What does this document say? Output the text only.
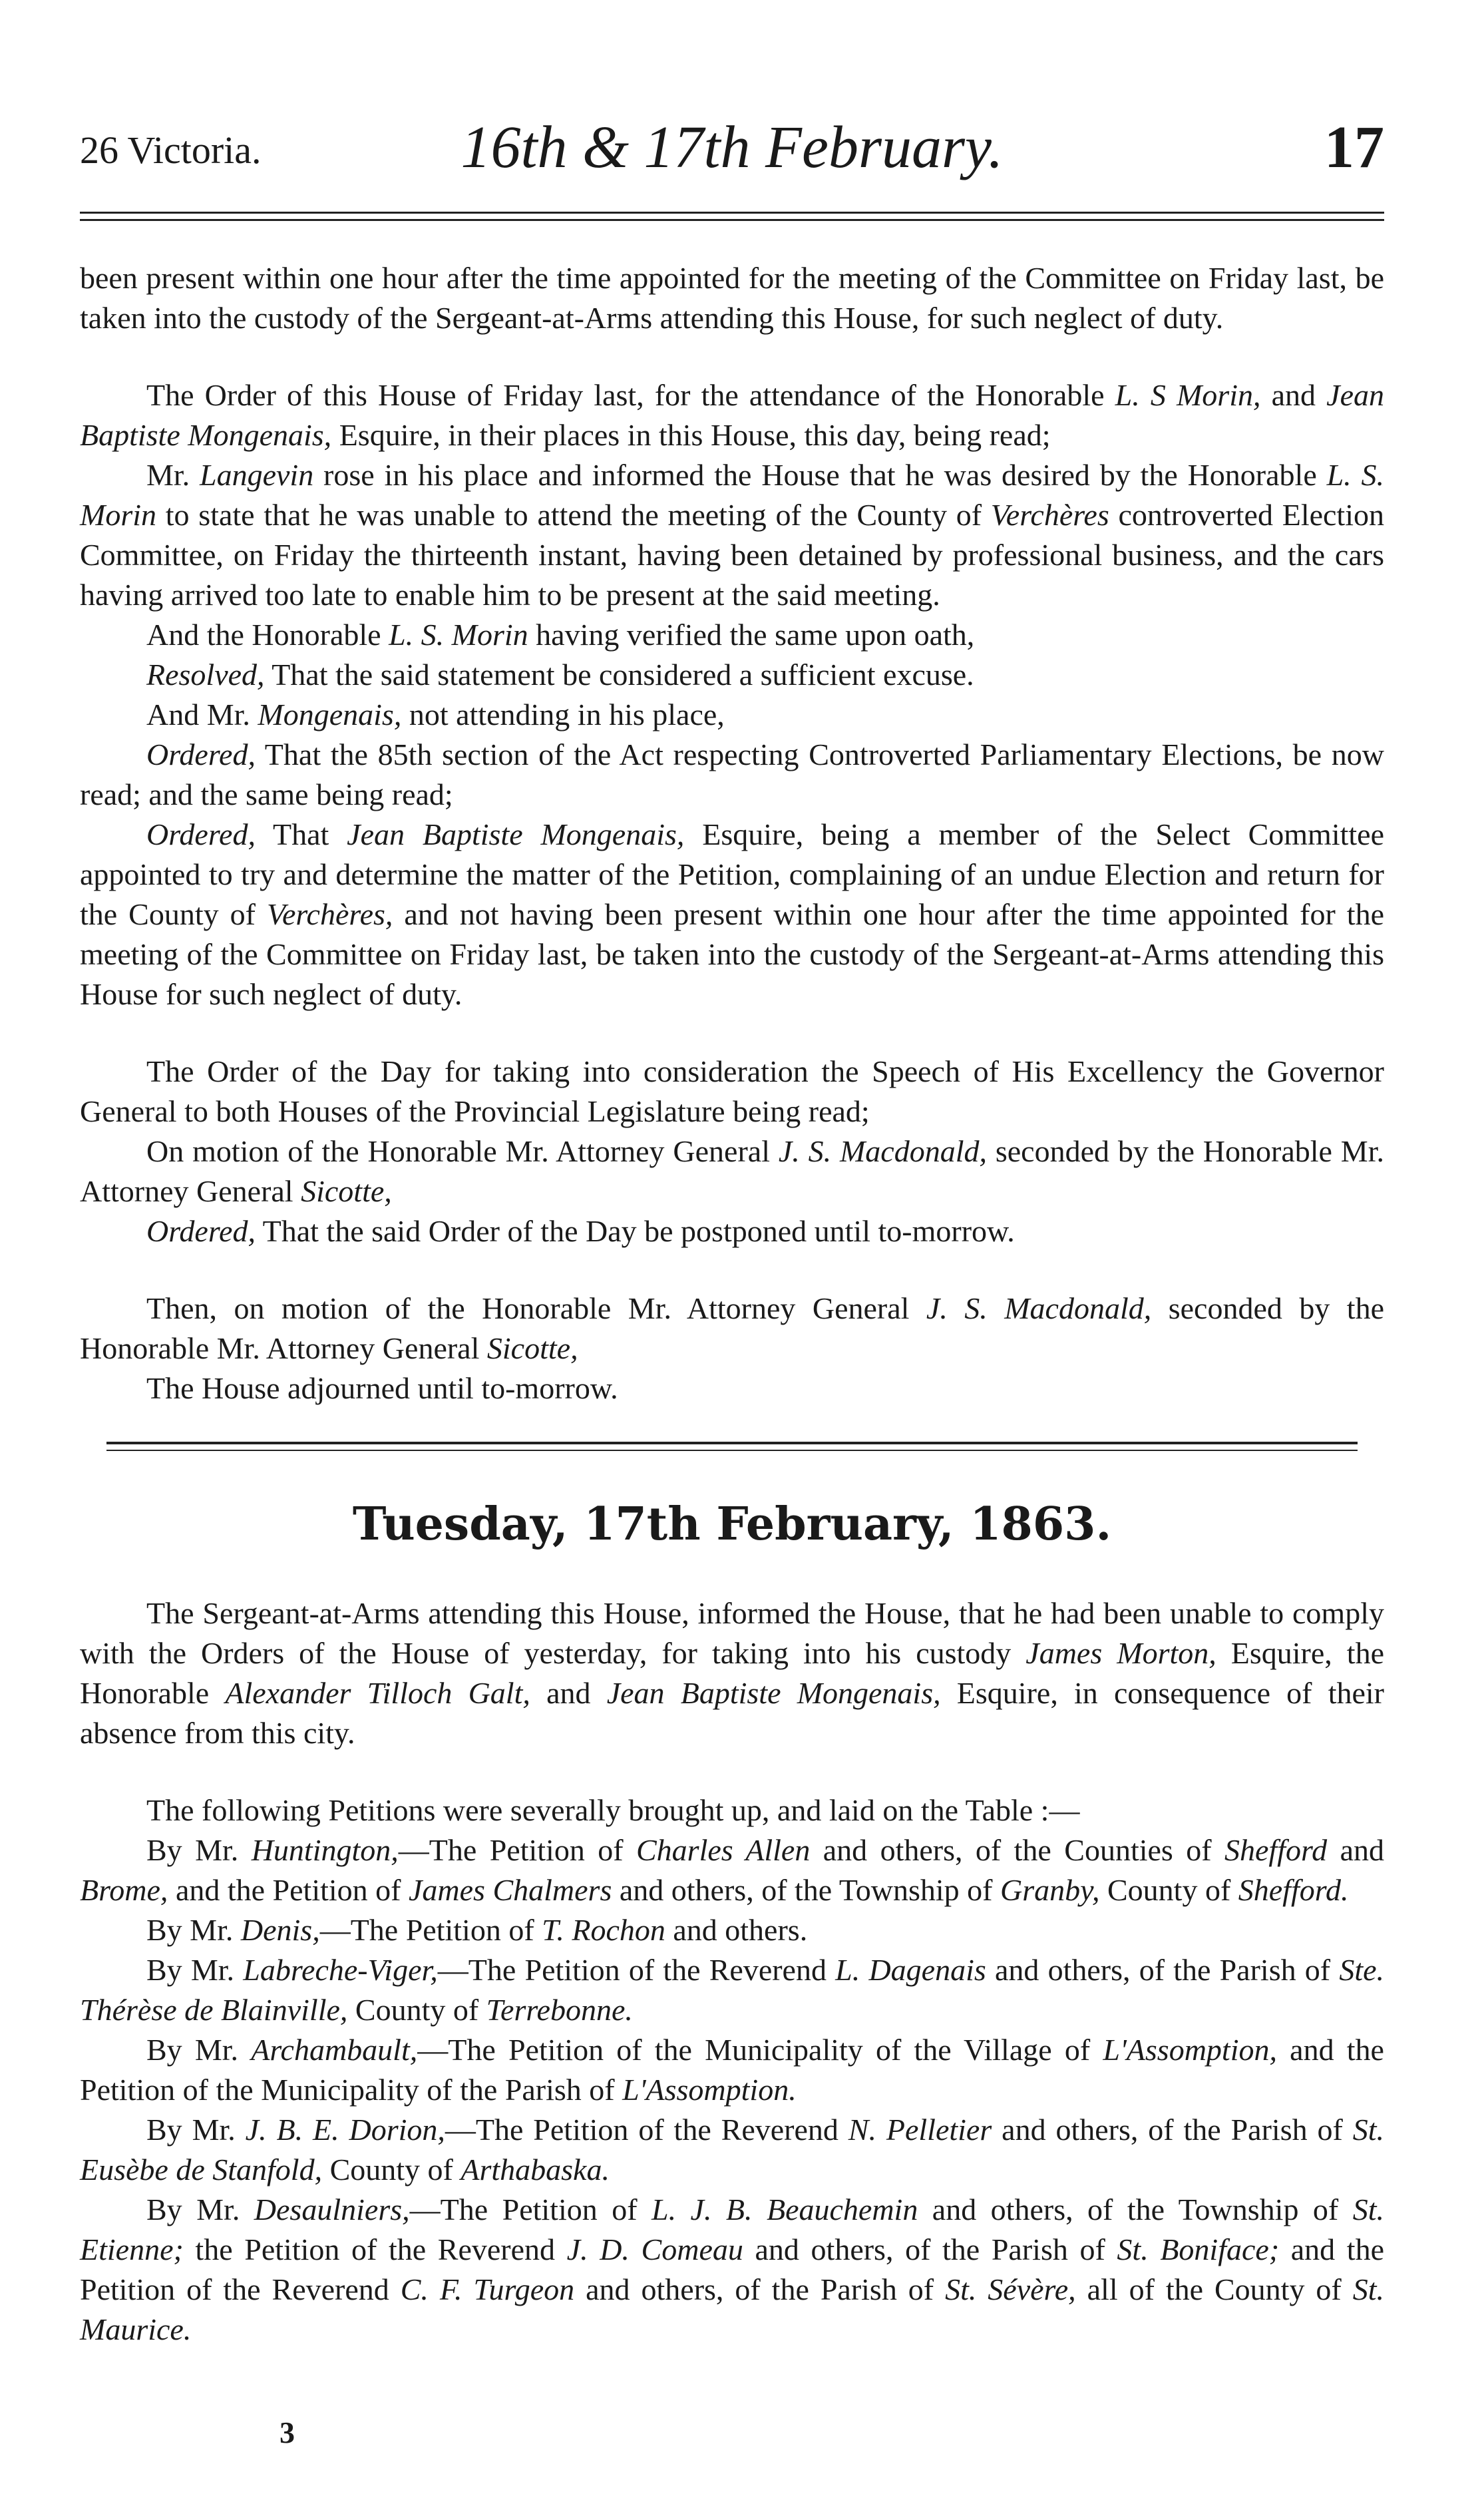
26 Victoria.	16th & 17th February.	17

been present within one hour after the time appointed for the meeting of the Committee on Friday last, be taken into the custody of the Sergeant-at-Arms attending this House, for such neglect of duty.

The Order of this House of Friday last, for the attendance of the Honorable L. S Morin, and Jean Baptiste Mongenais, Esquire, in their places in this House, this day, being read;

Mr. Langevin rose in his place and informed the House that he was desired by the Honorable L. S. Morin to state that he was unable to attend the meeting of the County of Verchères controverted Election Committee, on Friday the thirteenth instant, having been detained by professional business, and the cars having arrived too late to enable him to be present at the said meeting.

And the Honorable L. S. Morin having verified the same upon oath,

Resolved, That the said statement be considered a sufficient excuse.

And Mr. Mongenais, not attending in his place,

Ordered, That the 85th section of the Act respecting Controverted Parliamentary Elections, be now read; and the same being read;

Ordered, That Jean Baptiste Mongenais, Esquire, being a member of the Select Committee appointed to try and determine the matter of the Petition, complaining of an undue Election and return for the County of Verchères, and not having been present within one hour after the time appointed for the meeting of the Committee on Friday last, be taken into the custody of the Sergeant-at-Arms attending this House for such neglect of duty.

The Order of the Day for taking into consideration the Speech of His Excellency the Governor General to both Houses of the Provincial Legislature being read;

On motion of the Honorable Mr. Attorney General J. S. Macdonald, seconded by the Honorable Mr. Attorney General Sicotte,

Ordered, That the said Order of the Day be postponed until to-morrow.

Then, on motion of the Honorable Mr. Attorney General J. S. Macdonald, seconded by the Honorable Mr. Attorney General Sicotte,

The House adjourned until to-morrow.

Tuesday, 17th February, 1863.

The Sergeant-at-Arms attending this House, informed the House, that he had been unable to comply with the Orders of the House of yesterday, for taking into his custody James Morton, Esquire, the Honorable Alexander Tilloch Galt, and Jean Baptiste Mongenais, Esquire, in consequence of their absence from this city.

The following Petitions were severally brought up, and laid on the Table :—

By Mr. Huntington,—The Petition of Charles Allen and others, of the Counties of Shefford and Brome, and the Petition of James Chalmers and others, of the Township of Granby, County of Shefford.

By Mr. Denis,—The Petition of T. Rochon and others.

By Mr. Labreche-Viger,—The Petition of the Reverend L. Dagenais and others, of the Parish of Ste. Thérèse de Blainville, County of Terrebonne.

By Mr. Archambault,—The Petition of the Municipality of the Village of L'Assomption, and the Petition of the Municipality of the Parish of L'Assomption.

By Mr. J. B. E. Dorion,—The Petition of the Reverend N. Pelletier and others, of the Parish of St. Eusèbe de Stanfold, County of Arthabaska.

By Mr. Desaulniers,—The Petition of L. J. B. Beauchemin and others, of the Township of St. Etienne; the Petition of the Reverend J. D. Comeau and others, of the Parish of St. Boniface; and the Petition of the Reverend C. F. Turgeon and others, of the Parish of St. Sévère, all of the County of St. Maurice.

3
